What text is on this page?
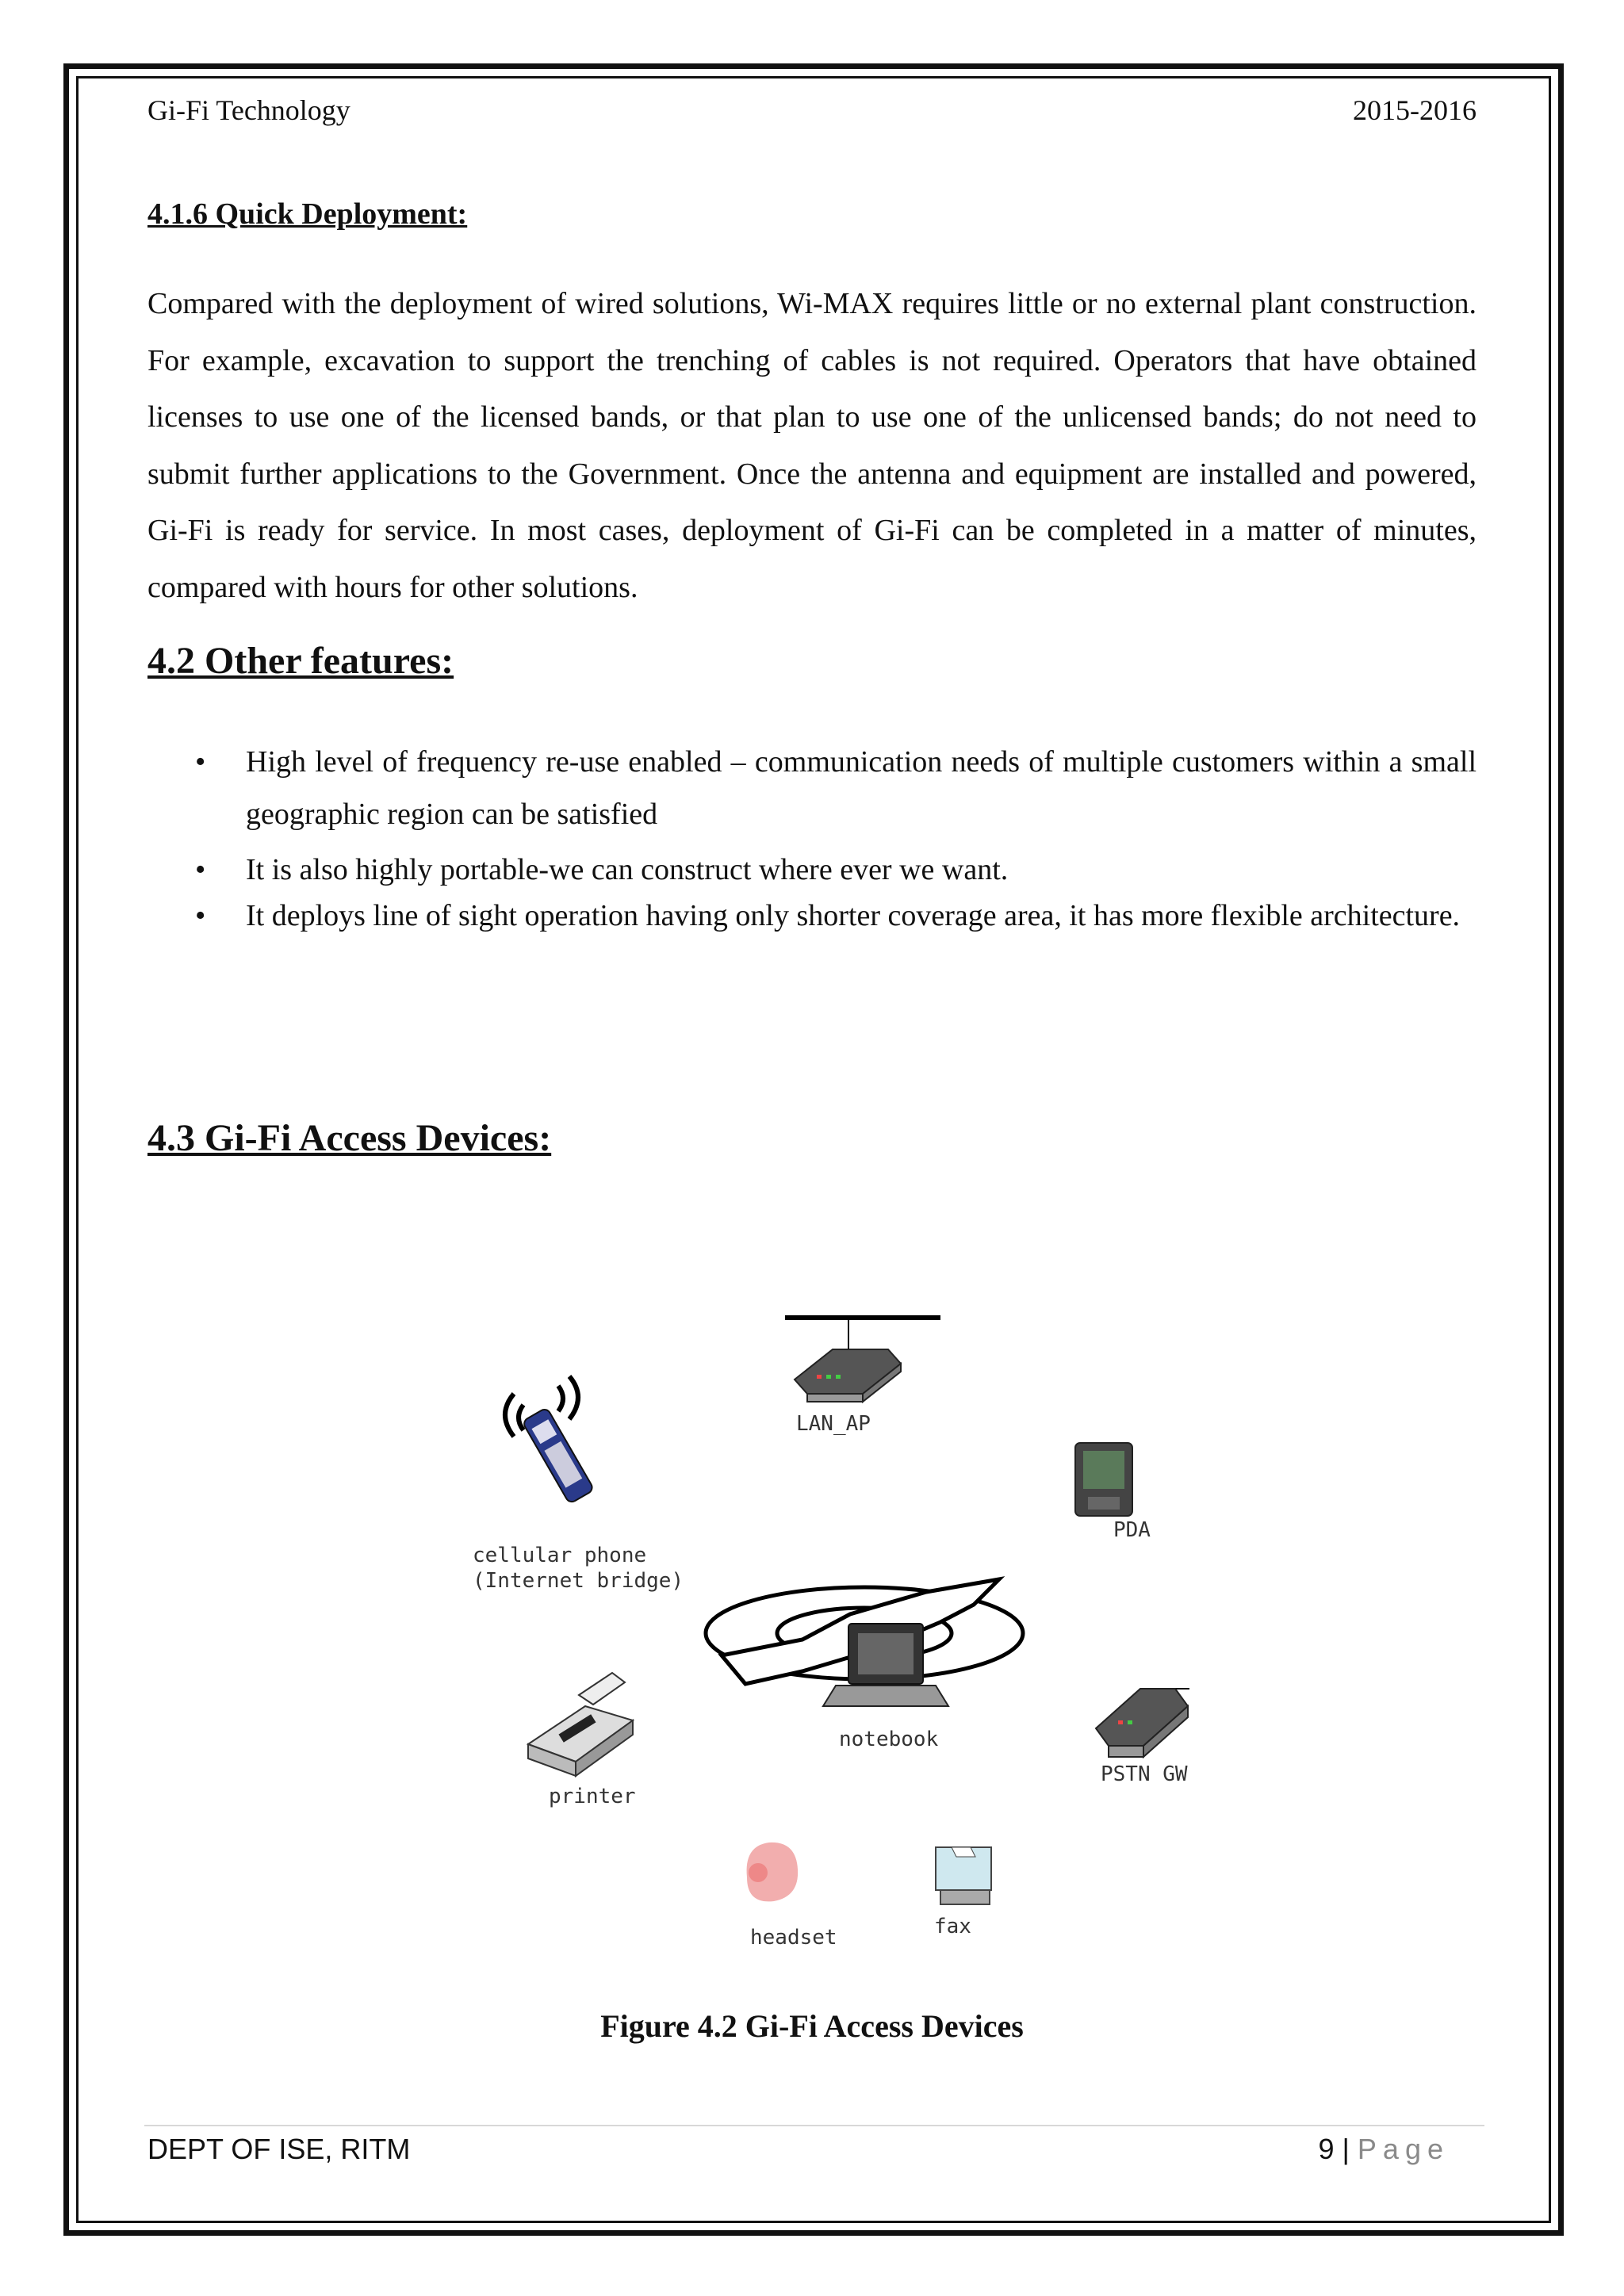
Gi-Fi Technology	2015-2016
4.1.6 Quick Deployment:

Compared with the deployment of wired solutions, Wi-MAX requires little or no external plant construction. For example, excavation to support the trenching of cables is not required. Operators that have obtained licenses to use one of the licensed bands, or that plan to use one of the unlicensed bands; do not need to submit further applications to the Government. Once the antenna and equipment are installed and powered, Gi-Fi is ready for service. In most cases, deployment of Gi-Fi can be completed in a matter of minutes, compared with hours for other solutions.

4.2 Other features:
• High level of frequency re-use enabled – communication needs of multiple customers within a small geographic region can be satisfied
• It is also highly portable-we can construct where ever we want.
• It deploys line of sight operation having only shorter coverage area, it has more flexible architecture.
4.3 Gi-Fi Access Devices:
LAN_AP
PDA
cellular phone
(Internet bridge)
notebook
PSTN GW
printer
headset	fax

Figure 4.2 Gi-Fi Access Devices

DEPT OF ISE, RITM	9 | Page
